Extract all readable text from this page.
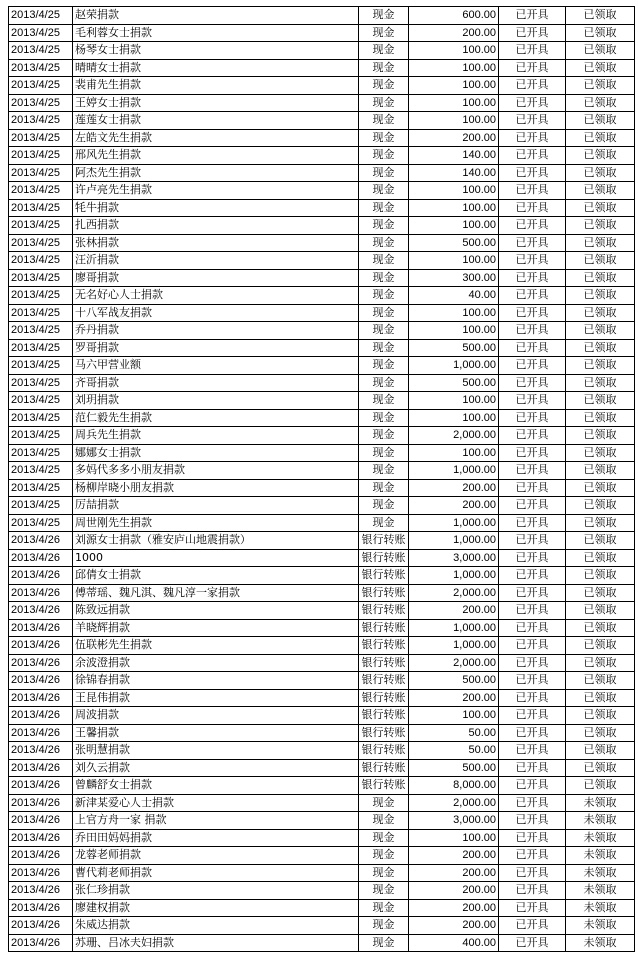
2013/4/25	赵荣捐款	现金	600.00	已开具	已领取
2013/4/25	毛利蓉女士捐款	现金	200.00	已开具	已领取
2013/4/25	杨琴女士捐款	现金	100.00	已开具	已领取
2013/4/25	晴晴女士捐款	现金	100.00	已开具	已领取
2013/4/25	裴甫先生捐款	现金	100.00	已开具	已领取
2013/4/25	王婷女士捐款	现金	100.00	已开具	已领取
2013/4/25	莲莲女士捐款	现金	100.00	已开具	已领取
2013/4/25	左皓文先生捐款	现金	200.00	已开具	已领取
2013/4/25	邢风先生捐款	现金	140.00	已开具	已领取
2013/4/25	阿杰先生捐款	现金	140.00	已开具	已领取
2013/4/25	许卢亮先生捐款	现金	100.00	已开具	已领取
2013/4/25	牦牛捐款	现金	100.00	已开具	已领取
2013/4/25	扎西捐款	现金	100.00	已开具	已领取
2013/4/25	张林捐款	现金	500.00	已开具	已领取
2013/4/25	汪沂捐款	现金	100.00	已开具	已领取
2013/4/25	廖哥捐款	现金	300.00	已开具	已领取
2013/4/25	无名好心人士捐款	现金	40.00	已开具	已领取
2013/4/25	十八军战友捐款	现金	100.00	已开具	已领取
2013/4/25	乔丹捐款	现金	100.00	已开具	已领取
2013/4/25	罗哥捐款	现金	500.00	已开具	已领取
2013/4/25	马六甲营业额	现金	1,000.00	已开具	已领取
2013/4/25	齐哥捐款	现金	500.00	已开具	已领取
2013/4/25	刘玥捐款	现金	100.00	已开具	已领取
2013/4/25	范仁毅先生捐款	现金	100.00	已开具	已领取
2013/4/25	周兵先生捐款	现金	2,000.00	已开具	已领取
2013/4/25	娜娜女士捐款	现金	100.00	已开具	已领取
2013/4/25	多妈代多多小朋友捐款	现金	1,000.00	已开具	已领取
2013/4/25	杨柳岸晓小朋友捐款	现金	200.00	已开具	已领取
2013/4/25	厉喆捐款	现金	200.00	已开具	已领取
2013/4/25	周世刚先生捐款	现金	1,000.00	已开具	已领取
2013/4/26	刘源女士捐款（雅安庐山地震捐款）	银行转账	1,000.00	已开具	已领取
2013/4/26	1000	银行转账	3,000.00	已开具	已领取
2013/4/26	邱倩女士捐款	银行转账	1,000.00	已开具	已领取
2013/4/26	傅蒂瑶、魏凡淇、魏凡淳一家捐款	银行转账	2,000.00	已开具	已领取
2013/4/26	陈致远捐款	银行转账	200.00	已开具	已领取
2013/4/26	羊晓辉捐款	银行转账	1,000.00	已开具	已领取
2013/4/26	伍联彬先生捐款	银行转账	1,000.00	已开具	已领取
2013/4/26	余波澄捐款	银行转账	2,000.00	已开具	已领取
2013/4/26	徐锦春捐款	银行转账	500.00	已开具	已领取
2013/4/26	王昆伟捐款	银行转账	200.00	已开具	已领取
2013/4/26	周波捐款	银行转账	100.00	已开具	已领取
2013/4/26	王馨捐款	银行转账	50.00	已开具	已领取
2013/4/26	张明慧捐款	银行转账	50.00	已开具	已领取
2013/4/26	刘久云捐款	银行转账	500.00	已开具	已领取
2013/4/26	曾麟舒女士捐款	银行转账	8,000.00	已开具	已领取
2013/4/26	新津某爱心人士捐款	现金	2,000.00	已开具	未领取
2013/4/26	上官方舟一家 捐款	现金	3,000.00	已开具	未领取
2013/4/26	乔田田妈妈捐款	现金	100.00	已开具	未领取
2013/4/26	龙蓉老师捐款	现金	200.00	已开具	未领取
2013/4/26	曹代莉老师捐款	现金	200.00	已开具	未领取
2013/4/26	张仁珍捐款	现金	200.00	已开具	未领取
2013/4/26	廖建权捐款	现金	200.00	已开具	未领取
2013/4/26	朱威达捐款	现金	200.00	已开具	未领取
2013/4/26	苏珊、吕冰夫妇捐款	现金	400.00	已开具	未领取
